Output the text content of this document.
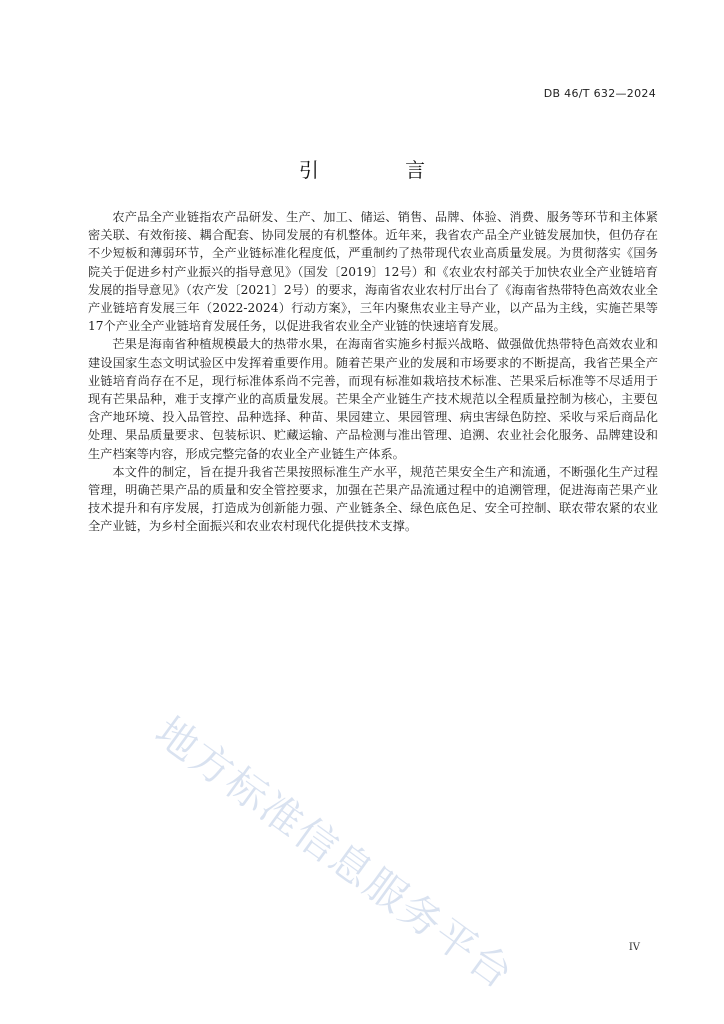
DB 46/T 632—2024
引 言

农产品全产业链指农产品研发、生产、加工、储运、销售、品牌、体验、消费、服务等环节和主体紧密关联、有效衔接、耦合配套、协同发展的有机整体。近年来，我省农产品全产业链发展加快，但仍存在不少短板和薄弱环节，全产业链标准化程度低，严重制约了热带现代农业高质量发展。为贯彻落实《国务院关于促进乡村产业振兴的指导意见》（国发〔2019〕12号）和《农业农村部关于加快农业全产业链培育发展的指导意见》（农产发〔2021〕2号）的要求，海南省农业农村厅出台了《海南省热带特色高效农业全产业链培育发展三年（2022-2024）行动方案》，三年内聚焦农业主导产业，以产品为主线，实施芒果等17个产业全产业链培育发展任务，以促进我省农业全产业链的快速培育发展。

芒果是海南省种植规模最大的热带水果，在海南省实施乡村振兴战略、做强做优热带特色高效农业和建设国家生态文明试验区中发挥着重要作用。随着芒果产业的发展和市场要求的不断提高，我省芒果全产业链培育尚存在不足，现行标准体系尚不完善，而现有标准如栽培技术标准、芒果采后标准等不尽适用于现有芒果品种，难于支撑产业的高质量发展。芒果全产业链生产技术规范以全程质量控制为核心，主要包含产地环境、投入品管控、品种选择、种苗、果园建立、果园管理、病虫害绿色防控、采收与采后商品化处理、果品质量要求、包装标识、贮藏运输、产品检测与准出管理、追溯、农业社会化服务、品牌建设和生产档案等内容，形成完整完备的农业全产业链生产体系。

本文件的制定，旨在提升我省芒果按照标准生产水平，规范芒果安全生产和流通，不断强化生产过程管理，明确芒果产品的质量和安全管控要求，加强在芒果产品流通过程中的追溯管理，促进海南芒果产业技术提升和有序发展，打造成为创新能力强、产业链条全、绿色底色足、安全可控制、联农带农紧的农业全产业链，为乡村全面振兴和农业农村现代化提供技术支撑。

地方标准信息服务平台	IV
